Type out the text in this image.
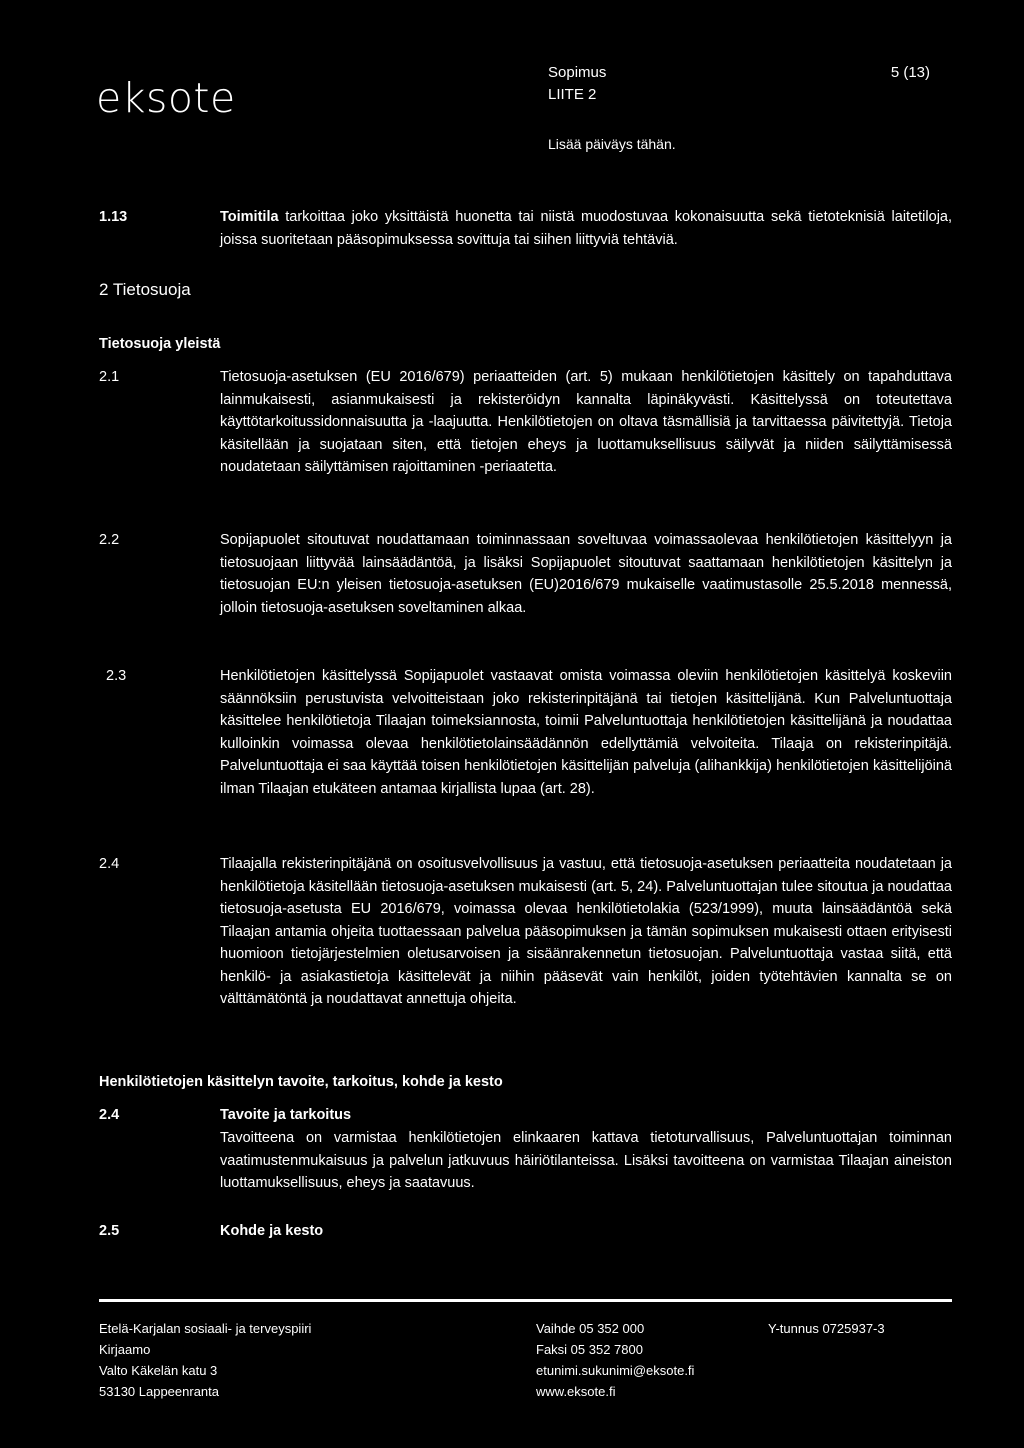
eksote
Sopimus
LIITE 2
Lisää päiväys tähän.
5 (13)
1.13	Toimitila tarkoittaa joko yksittäistä huonetta tai niistä muodostuvaa kokonaisuutta sekä tietoteknisiä laitetiloja, joissa suoritetaan pääsopimuksessa sovittuja tai siihen liittyviä tehtäviä.
2 Tietosuoja
Tietosuoja yleistä
2.1	Tietosuoja-asetuksen (EU 2016/679) periaatteiden (art. 5) mukaan henkilötietojen käsittely on tapahduttava lainmukaisesti, asianmukaisesti ja rekisteröidyn kannalta läpinäkyvästi. Käsittelyssä on toteutettava käyttötarkoitussidonnaisuutta ja -laajuutta. Henkilötietojen on oltava täsmällisiä ja tarvittaessa päivitettyjä. Tietoja käsitellään ja suojataan siten, että tietojen eheys ja luottamuksellisuus säilyvät ja niiden säilyttämisessä noudatetaan säilyttämisen rajoittaminen -periaatetta.
2.2	Sopijapuolet sitoutuvat noudattamaan toiminnassaan soveltuvaa voimassaolevaa henkilötietojen käsittelyyn ja tietosuojaan liittyvää lainsäädäntöä, ja lisäksi Sopijapuolet sitoutuvat saattamaan henkilötietojen käsittelyn ja tietosuojan EU:n yleisen tietosuoja-asetuksen (EU)2016/679 mukaiselle vaatimustasolle 25.5.2018 mennessä, jolloin tietosuoja-asetuksen soveltaminen alkaa.
2.3	Henkilötietojen käsittelyssä Sopijapuolet vastaavat omista voimassa oleviin henkilötietojen käsittelyä koskeviin säännöksiin perustuvista velvoitteistaan joko rekisterinpitäjänä tai tietojen käsittelijänä. Kun Palveluntuottaja käsittelee henkilötietoja Tilaajan toimeksiannosta, toimii Palveluntuottaja henkilötietojen käsittelijänä ja noudattaa kulloinkin voimassa olevaa henkilötietolainsäädännön edellyttämiä velvoiteita. Tilaaja on rekisterinpitäjä. Palveluntuottaja ei saa käyttää toisen henkilötietojen käsittelijän palveluja (alihankkija) henkilötietojen käsittelijöinä ilman Tilaajan etukäteen antamaa kirjallista lupaa (art. 28).
2.4	Tilaajalla rekisterinpitäjänä on osoitusvelvollisuus ja vastuu, että tietosuoja-asetuksen periaatteita noudatetaan ja henkilötietoja käsitellään tietosuoja-asetuksen mukaisesti (art. 5, 24). Palveluntuottajan tulee sitoutua ja noudattaa tietosuoja-asetusta EU 2016/679, voimassa olevaa henkilötietolakia (523/1999), muuta lainsäädäntöä sekä Tilaajan antamia ohjeita tuottaessaan palvelua pääsopimuksen ja tämän sopimuksen mukaisesti ottaen erityisesti huomioon tietojärjestelmien oletusarvoisen ja sisäänrakennetun tietosuojan. Palveluntuottaja vastaa siitä, että henkilö- ja asiakastietoja käsittelevät ja niihin pääsevät vain henkilöt, joiden työtehtävien kannalta se on välttämätöntä ja noudattavat annettuja ohjeita.
Henkilötietojen käsittelyn tavoite, tarkoitus, kohde ja kesto
2.4	Tavoite ja tarkoitus
Tavoitteena on varmistaa henkilötietojen elinkaaren kattava tietoturvallisuus, Palveluntuottajan toiminnan vaatimustenmukaisuus ja palvelun jatkuvuus häiriötilanteissa. Lisäksi tavoitteena on varmistaa Tilaajan aineiston luottamuksellisuus, eheys ja saatavuus.
2.5	Kohde ja kesto
Etelä-Karjalan sosiaali- ja terveyspiiri
Kirjaamo
Valto Käkelän katu 3
53130 Lappeenranta
Vaihde 05 352 000
Faksi 05 352 7800
etunimi.sukunimi@eksote.fi
www.eksote.fi
Y-tunnus 0725937-3
